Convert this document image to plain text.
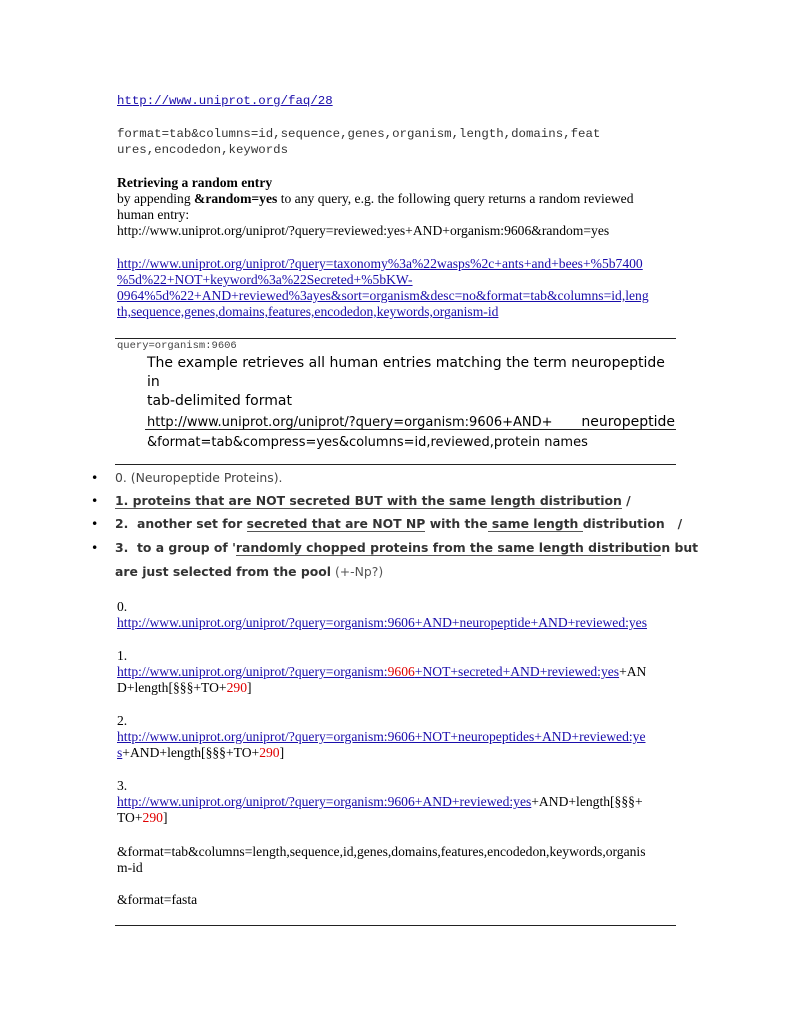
http://www.uniprot.org/faq/28
format=tab&columns=id,sequence,genes,organism,length,domains,feat
ures,encodedon,keywords
Retrieving a random entry
by appending &random=yes to any query, e.g. the following query returns a random reviewed
human entry:
http://www.uniprot.org/uniprot/?query=reviewed:yes+AND+organism:9606&random=yes
http://www.uniprot.org/uniprot/?query=taxonomy%3a%22wasps%2c+ants+and+bees+%5b7400
%5d%22+NOT+keyword%3a%22Secreted+%5bKW-
0964%5d%22+AND+reviewed%3ayes&sort=organism&desc=no&format=tab&columns=id,leng
th,sequence,genes,domains,features,encodedon,keywords,organism-id
query=organism:9606
The example retrieves all human entries matching the term neuropeptide in
tab-delimited format
http://www.uniprot.org/uniprot/?query=organism:9606+AND+ neuropeptide
&format=tab&compress=yes&columns=id,reviewed,protein names
• 0. (Neuropeptide Proteins).
• 1. proteins that are NOT secreted BUT with the same length distribution /
• 2.  another set for secreted that are NOT NP with the same length distribution   /
• 3.  to a group of 'randomly chopped proteins from the same length distribution but
are just selected from the pool (+-Np?)
0.
http://www.uniprot.org/uniprot/?query=organism:9606+AND+neuropeptide+AND+reviewed:yes
1.
http://www.uniprot.org/uniprot/?query=organism:9606+NOT+secreted+AND+reviewed:yes+AN
D+length[§§§+TO+290]
2.
http://www.uniprot.org/uniprot/?query=organism:9606+NOT+neuropeptides+AND+reviewed:ye
s+AND+length[§§§+TO+290]
3.
http://www.uniprot.org/uniprot/?query=organism:9606+AND+reviewed:yes+AND+length[§§§+
TO+290]
&format=tab&columns=length,sequence,id,genes,domains,features,encodedon,keywords,organis
m-id
&format=fasta
